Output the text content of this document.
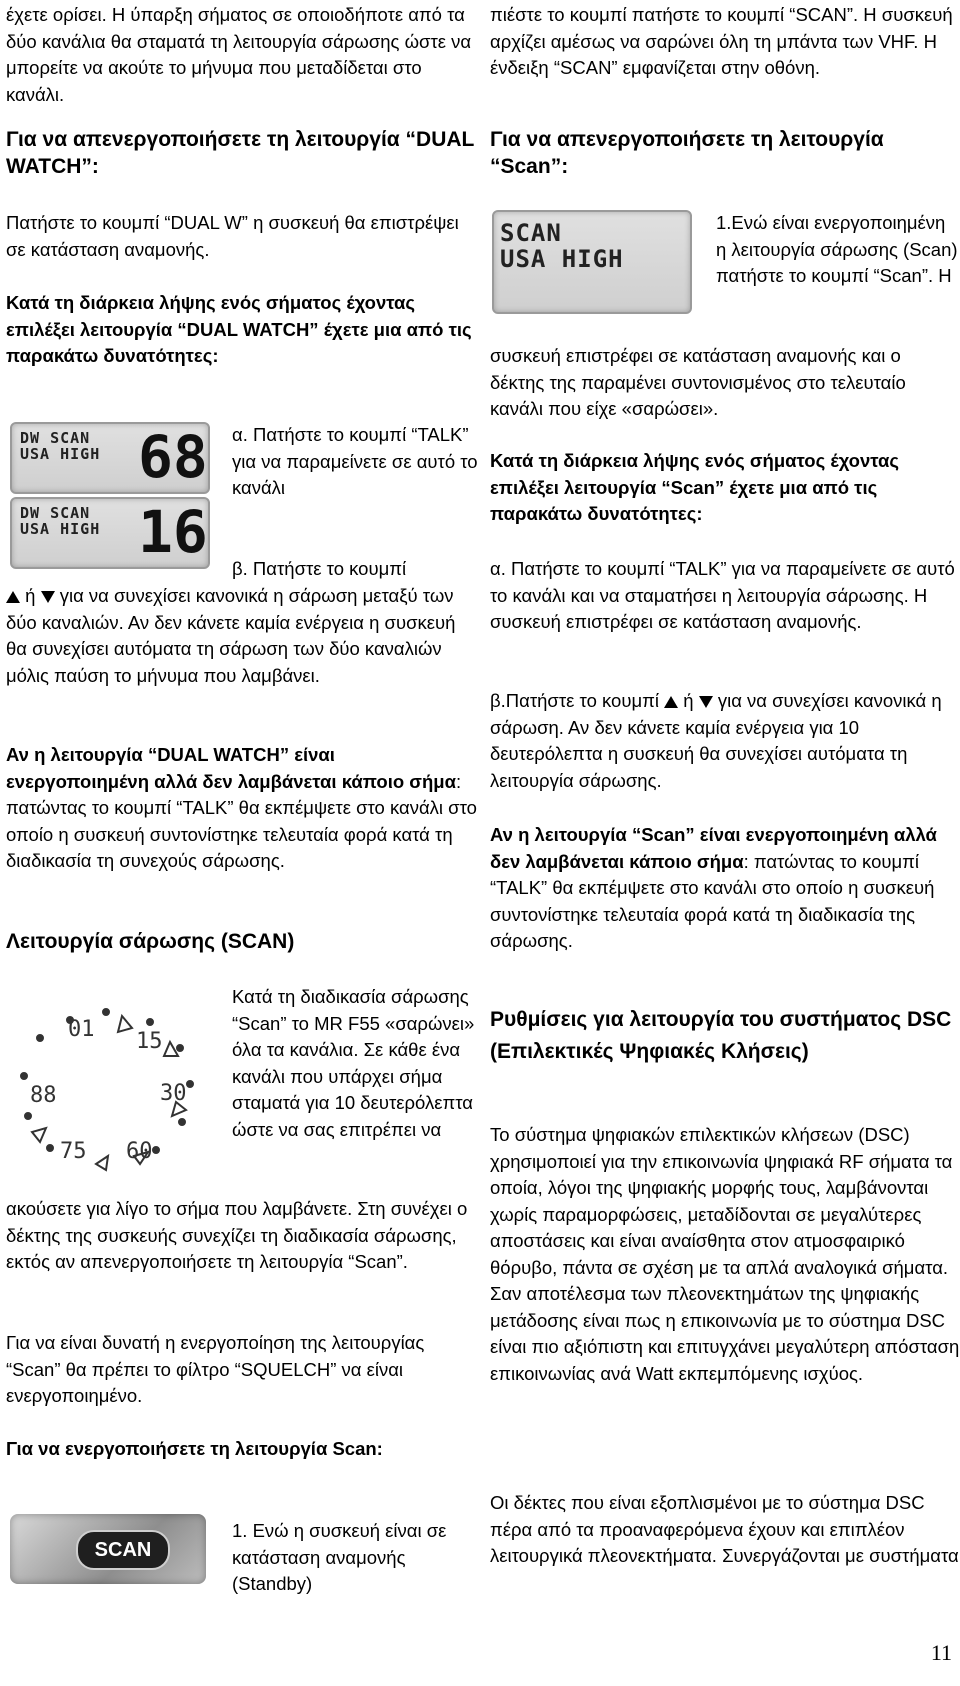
έχετε ορίσει. Η ύπαρξη σήματος σε οποιοδήποτε από τα δύο κανάλια θα σταματά τη λειτουργία σάρωσης ώστε να μπορείτε να ακούτε το μήνυμα που μεταδίδεται στο κανάλι.

Για να απενεργοποιήσετε τη λειτουργία “DUAL WATCH”:

Πατήστε το κουμπί “DUAL W” η συσκευή θα επιστρέψει σε κατάσταση αναμονής.

Κατά τη διάρκεια λήψης ενός σήματος έχοντας επιλέξει λειτουργία “DUAL WATCH” έχετε μια από τις παρακάτω δυνατότητες:

DW SCAN
USA HIGH 68
DW SCAN
USA HIGH 16

α. Πατήστε το κουμπί “TALK” για να παραμείνετε σε αυτό το κανάλι

β. Πατήστε το κουμπί

ή για να συνεχίσει κανονικά η σάρωση μεταξύ των δύο καναλιών. Αν δεν κάνετε καμία ενέργεια η συσκευή θα συνεχίσει αυτόματα τη σάρωση των δύο καναλιών μόλις παύση το μήνυμα που λαμβάνει.
Αν η λειτουργία “DUAL WATCH” είναι ενεργοποιημένη αλλά δεν λαμβάνεται κάποιο σήμα: πατώντας το κουμπί “TALK” θα εκπέμψετε στο κανάλι στο οποίο η συσκευή συντονίστηκε τελευταία φορά κατά τη διαδικασία τη συνεχούς σάρωσης.

Λειτουργία σάρωσης (SCAN)

01 15
30
60
75
88

Κατά τη διαδικασία σάρωσης “Scan” το MR F55 «σαρώνει» όλα τα κανάλια. Σε κάθε ένα κανάλι που υπάρχει σήμα σταματά για 10 δευτερόλεπτα ώστε να σας επιτρέπει να

ακούσετε για λίγο το σήμα που λαμβάνετε. Στη συνέχει ο δέκτης της συσκευής συνεχίζει τη διαδικασία σάρωσης, εκτός αν απενεργοποιήσετε τη λειτουργία “Scan”.

Για να είναι δυνατή η ενεργοποίηση της λειτουργίας “Scan” θα πρέπει το φίλτρο “SQUELCH” να είναι ενεργοποιημένο.

Για να ενεργοποιήσετε τη λειτουργία Scan:

SCAN

1. Ενώ η συσκευή είναι σε κατάσταση αναμονής (Standby)

πιέστε το κουμπί πατήστε το κουμπί “SCAN”. Η συσκευή αρχίζει αμέσως να σαρώνει όλη τη μπάντα των VHF. Η ένδειξη “SCAN” εμφανίζεται στην οθόνη.

Για να απενεργοποιήσετε τη λειτουργία “Scan”:

SCAN
USA HIGH

1.Ενώ είναι ενεργοποιημένη η λειτουργία σάρωσης (Scan) πατήστε το κουμπί “Scan”. Η

συσκευή επιστρέφει σε κατάσταση αναμονής και ο δέκτης της παραμένει συντονισμένος στο τελευταίο κανάλι που είχε «σαρώσει».

Κατά τη διάρκεια λήψης ενός σήματος έχοντας επιλέξει λειτουργία “Scan” έχετε μια από τις παρακάτω δυνατότητες:

α. Πατήστε το κουμπί “TALK” για να παραμείνετε σε αυτό το κανάλι και να σταματήσει η λειτουργία σάρωσης. Η συσκευή επιστρέφει σε κατάσταση αναμονής.

β.Πατήστε το κουμπί ή για να συνεχίσει κανονικά η σάρωση. Αν δεν κάνετε καμία ενέργεια για 10 δευτερόλεπτα η συσκευή θα συνεχίσει αυτόματα τη λειτουργία σάρωσης.
Αν η λειτουργία “Scan” είναι ενεργοποιημένη αλλά δεν λαμβάνεται κάποιο σήμα: πατώντας το κουμπί “TALK” θα εκπέμψετε στο κανάλι στο οποίο η συσκευή συντονίστηκε τελευταία φορά κατά τη διαδικασία της σάρωσης.

Ρυθμίσεις για λειτουργία του συστήματος DSC (Επιλεκτικές Ψηφιακές Κλήσεις)

Το σύστημα ψηφιακών επιλεκτικών κλήσεων (DSC) χρησιμοποιεί για την επικοινωνία ψηφιακά RF σήματα τα οποία, λόγοι της ψηφιακής μορφής τους, λαμβάνονται χωρίς παραμορφώσεις, μεταδίδονται σε μεγαλύτερες αποστάσεις και είναι αναίσθητα στον ατμοσφαιρικό θόρυβο, πάντα σε σχέση με τα απλά αναλογικά σήματα. Σαν αποτέλεσμα των πλεονεκτημάτων της ψηφιακής μετάδοσης είναι πως η επικοινωνία με το σύστημα DSC είναι πιο αξιόπιστη και επιτυγχάνει μεγαλύτερη απόσταση επικοινωνίας ανά Watt εκπεμπόμενης ισχύος.

Οι δέκτες που είναι εξοπλισμένοι με το σύστημα DSC πέρα από τα προαναφερόμενα έχουν και επιπλέον λειτουργικά πλεονεκτήματα. Συνεργάζονται με συστήματα

11
